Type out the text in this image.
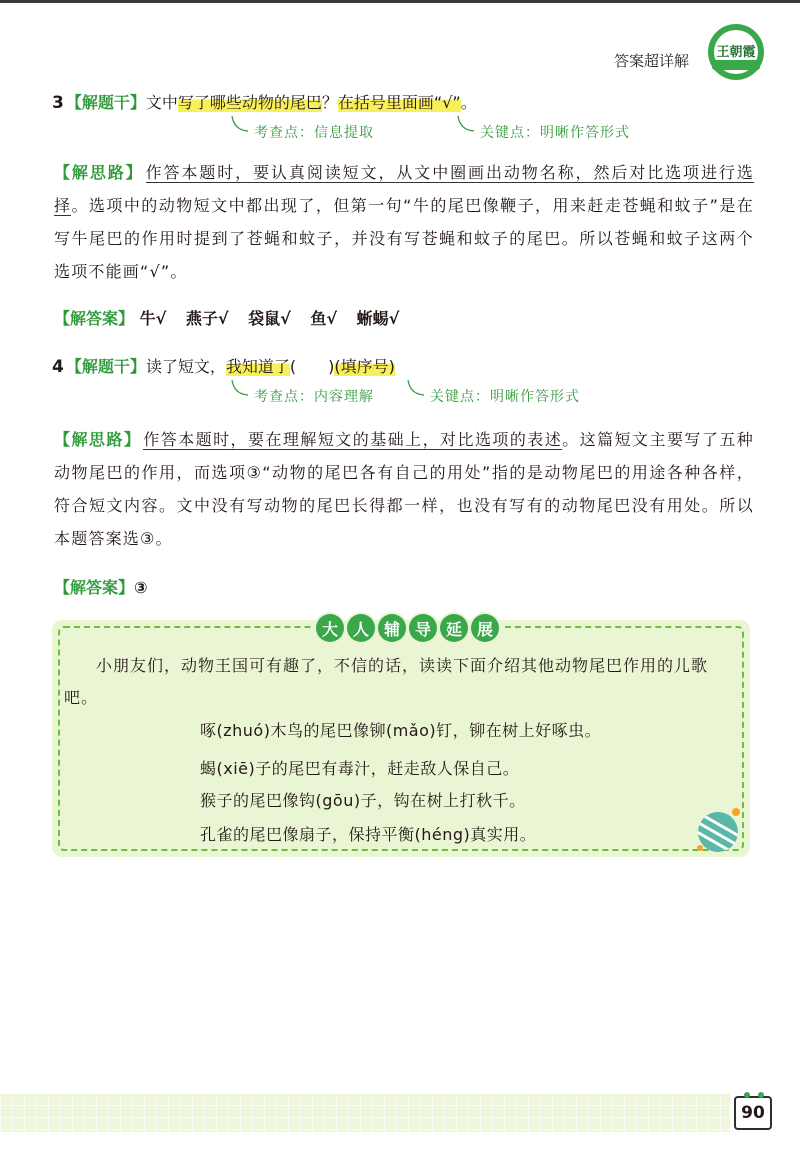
答案超详解 王朝霞
3 【解题干】文中写了哪些动物的尾巴？在括号里面画“√”。
考查点：信息提取	关键点：明晰作答形式
【解思路】 作答本题时，要认真阅读短文，从文中圈画出动物名称，然后对比选项进行选择。选项中的动物短文中都出现了，但第一句“牛的尾巴像鞭子，用来赶走苍蝇和蚊子”是在写牛尾巴的作用时提到了苍蝇和蚊子，并没有写苍蝇和蚊子的尾巴。所以苍蝇和蚊子这两个选项不能画“√”。
【解答案】 牛√ 燕子√ 袋鼠√ 鱼√ 蜥蜴√
4 【解题干】读了短文，我知道了(　　)(填序号)
考查点：内容理解	关键点：明晰作答形式
【解思路】 作答本题时，要在理解短文的基础上，对比选项的表述。这篇短文主要写了五种动物尾巴的作用，而选项③“动物的尾巴各有自己的用处”指的是动物尾巴的用途各种各样，符合短文内容。文中没有写动物的尾巴长得都一样，也没有写有的动物尾巴没有用处。所以本题答案选③。
【解答案】③
大 人 辅 导 延 展
小朋友们，动物王国可有趣了，不信的话，读读下面介绍其他动物尾巴作用的儿歌吧。
啄(zhuó)木鸟的尾巴像铆(mǎo)钉，铆在树上好啄虫。
蝎(xiē)子的尾巴有毒汁，赶走敌人保自己。
猴子的尾巴像钩(gōu)子，钩在树上打秋千。
孔雀的尾巴像扇子，保持平衡(héng)真实用。
90
